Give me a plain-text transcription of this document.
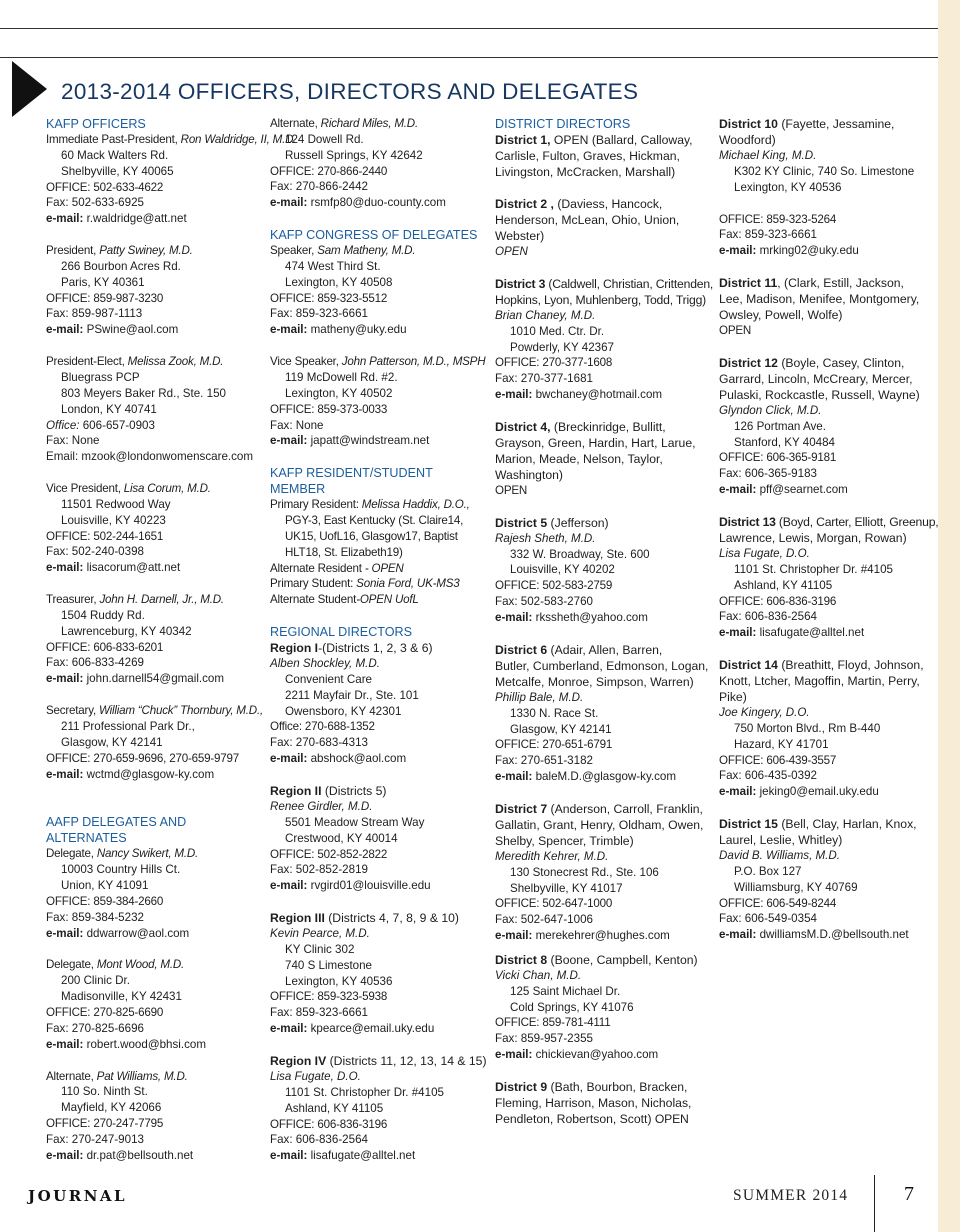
2013-2014 OFFICERS, DIRECTORS AND DELEGATES
KAFP OFFICERS
Immediate Past-President, Ron Waldridge, II, M.D.
60 Mack Walters Rd.
Shelbyville, KY 40065
OFFICE: 502-633-4622
Fax: 502-633-6925
e-mail: r.waldridge@att.net
President, Patty Swiney, M.D.
266 Bourbon Acres Rd.
Paris, KY 40361
OFFICE: 859-987-3230
Fax: 859-987-1113
e-mail: PSwine@aol.com
President-Elect, Melissa Zook, M.D.
Bluegrass PCP
803 Meyers Baker Rd., Ste. 150
London, KY 40741
Office: 606-657-0903
Fax: None
Email: mzook@londonwomenscare.com
Vice President, Lisa Corum, M.D.
11501 Redwood Way
Louisville, KY 40223
OFFICE: 502-244-1651
Fax: 502-240-0398
e-mail: lisacorum@att.net
Treasurer, John H. Darnell, Jr., M.D.
1504 Ruddy Rd.
Lawrenceburg, KY 40342
OFFICE: 606-833-6201
Fax: 606-833-4269
e-mail: john.darnell54@gmail.com
Secretary, William “Chuck” Thornbury, M.D.,
211 Professional Park Dr.,
Glasgow, KY 42141
OFFICE: 270-659-9696, 270-659-9797
e-mail: wctmd@glasgow-ky.com
AAFP DELEGATES AND
ALTERNATES
Delegate, Nancy Swikert, M.D.
10003 Country Hills Ct.
Union, KY 41091
OFFICE: 859-384-2660
Fax: 859-384-5232
e-mail: ddwarrow@aol.com
Delegate, Mont Wood, M.D.
200 Clinic Dr.
Madisonville, KY 42431
OFFICE: 270-825-6690
Fax: 270-825-6696
e-mail: robert.wood@bhsi.com
Alternate, Pat Williams, M.D.
110 So. Ninth St.
Mayfield, KY 42066
OFFICE: 270-247-7795
Fax: 270-247-9013
e-mail: dr.pat@bellsouth.net
Alternate, Richard Miles, M.D.
124 Dowell Rd.
Russell Springs, KY 42642
OFFICE: 270-866-2440
Fax: 270-866-2442
e-mail: rsmfp80@duo-county.com
KAFP CONGRESS OF DELEGATES
Speaker, Sam Matheny, M.D.
474 West Third St.
Lexington, KY 40508
OFFICE: 859-323-5512
Fax: 859-323-6661
e-mail: matheny@uky.edu
Vice Speaker, John Patterson, M.D., MSPH
119 McDowell Rd. #2.
Lexington, KY 40502
OFFICE: 859-373-0033
Fax: None
e-mail: japatt@windstream.net
KAFP RESIDENT/STUDENT
MEMBER
Primary Resident: Melissa Haddix, D.O.,
PGY-3, East Kentucky (St. Claire14,
UK15, UofL16, Glasgow17, Baptist
HLT18, St. Elizabeth19)
Alternate Resident - OPEN
Primary Student: Sonia Ford, UK-MS3
Alternate Student-OPEN UofL
REGIONAL DIRECTORS
Region I-(Districts 1, 2, 3 & 6)
Alben Shockley, M.D.
Convenient Care
2211 Mayfair Dr., Ste. 101
Owensboro, KY 42301
Office: 270-688-1352
Fax: 270-683-4313
e-mail: abshock@aol.com
Region II (Districts 5)
Renee Girdler, M.D.
5501 Meadow Stream Way
Crestwood, KY 40014
OFFICE: 502-852-2822
Fax: 502-852-2819
e-mail: rvgird01@louisville.edu
Region III (Districts 4, 7, 8, 9 & 10)
Kevin Pearce, M.D.
KY Clinic 302
740 S Limestone
Lexington, KY 40536
OFFICE: 859-323-5938
Fax: 859-323-6661
e-mail: kpearce@email.uky.edu
Region IV (Districts 11, 12, 13, 14 & 15)
Lisa Fugate, D.O.
1101 St. Christopher Dr. #4105
Ashland, KY 41105
OFFICE: 606-836-3196
Fax: 606-836-2564
e-mail: lisafugate@alltel.net
DISTRICT DIRECTORS
District 1, OPEN (Ballard, Calloway,
Carlisle, Fulton, Graves, Hickman,
Livingston, McCracken, Marshall)
District 2 , (Daviess, Hancock,
Henderson, McLean, Ohio, Union,
Webster)
OPEN
District 3 (Caldwell, Christian, Crittenden,
Hopkins, Lyon, Muhlenberg, Todd, Trigg)
Brian Chaney, M.D.
1010 Med. Ctr. Dr.
Powderly, KY 42367
OFFICE: 270-377-1608
Fax: 270-377-1681
e-mail: bwchaney@hotmail.com
District 4, (Breckinridge, Bullitt,
Grayson, Green, Hardin, Hart, Larue,
Marion, Meade, Nelson, Taylor,
Washington)
OPEN
District 5 (Jefferson)
Rajesh Sheth, M.D.
332 W. Broadway, Ste. 600
Louisville, KY 40202
OFFICE: 502-583-2759
Fax: 502-583-2760
e-mail: rkssheth@yahoo.com
District 6 (Adair, Allen, Barren,
Butler, Cumberland, Edmonson, Logan,
Metcalfe, Monroe, Simpson, Warren)
Phillip Bale, M.D.
1330 N. Race St.
Glasgow, KY 42141
OFFICE: 270-651-6791
Fax: 270-651-3182
e-mail: baleM.D.@glasgow-ky.com
District 7 (Anderson, Carroll, Franklin,
Gallatin, Grant, Henry, Oldham, Owen,
Shelby, Spencer, Trimble)
Meredith Kehrer, M.D.
130 Stonecrest Rd., Ste. 106
Shelbyville, KY 41017
OFFICE: 502-647-1000
Fax: 502-647-1006
e-mail: merekehrer@hughes.com
District 8 (Boone, Campbell, Kenton)
Vicki Chan, M.D.
125 Saint Michael Dr.
Cold Springs, KY 41076
OFFICE: 859-781-4111
Fax: 859-957-2355
e-mail: chickievan@yahoo.com
District 9 (Bath, Bourbon, Bracken,
Fleming, Harrison, Mason, Nicholas,
Pendleton, Robertson, Scott) OPEN
District 10 (Fayette, Jessamine,
Woodford)
Michael King, M.D.
K302 KY Clinic, 740 So. Limestone
Lexington, KY 40536
OFFICE: 859-323-5264
Fax: 859-323-6661
e-mail: mrking02@uky.edu
District 11, (Clark, Estill, Jackson,
Lee, Madison, Menifee, Montgomery,
Owsley, Powell, Wolfe)
OPEN
District 12 (Boyle, Casey, Clinton,
Garrard, Lincoln, McCreary, Mercer,
Pulaski, Rockcastle, Russell, Wayne)
Glyndon Click, M.D.
126 Portman Ave.
Stanford, KY 40484
OFFICE: 606-365-9181
Fax: 606-365-9183
e-mail: pff@searnet.com
District 13 (Boyd, Carter, Elliott, Greenup,
Lawrence, Lewis, Morgan, Rowan)
Lisa Fugate, D.O.
1101 St. Christopher Dr. #4105
Ashland, KY 41105
OFFICE: 606-836-3196
Fax: 606-836-2564
e-mail: lisafugate@alltel.net
District 14 (Breathitt, Floyd, Johnson,
Knott, Ltcher, Magoffin, Martin, Perry,
Pike)
Joe Kingery, D.O.
750 Morton Blvd., Rm B-440
Hazard, KY 41701
OFFICE: 606-439-3557
Fax: 606-435-0392
e-mail: jeking0@email.uky.edu
District 15 (Bell, Clay, Harlan, Knox,
Laurel, Leslie, Whitley)
David B. Williams, M.D.
P.O. Box 127
Williamsburg, KY 40769
OFFICE: 606-549-8244
Fax: 606-549-0354
e-mail: dwilliamsM.D.@bellsouth.net
JOURNAL	SUMMER 2014	7
